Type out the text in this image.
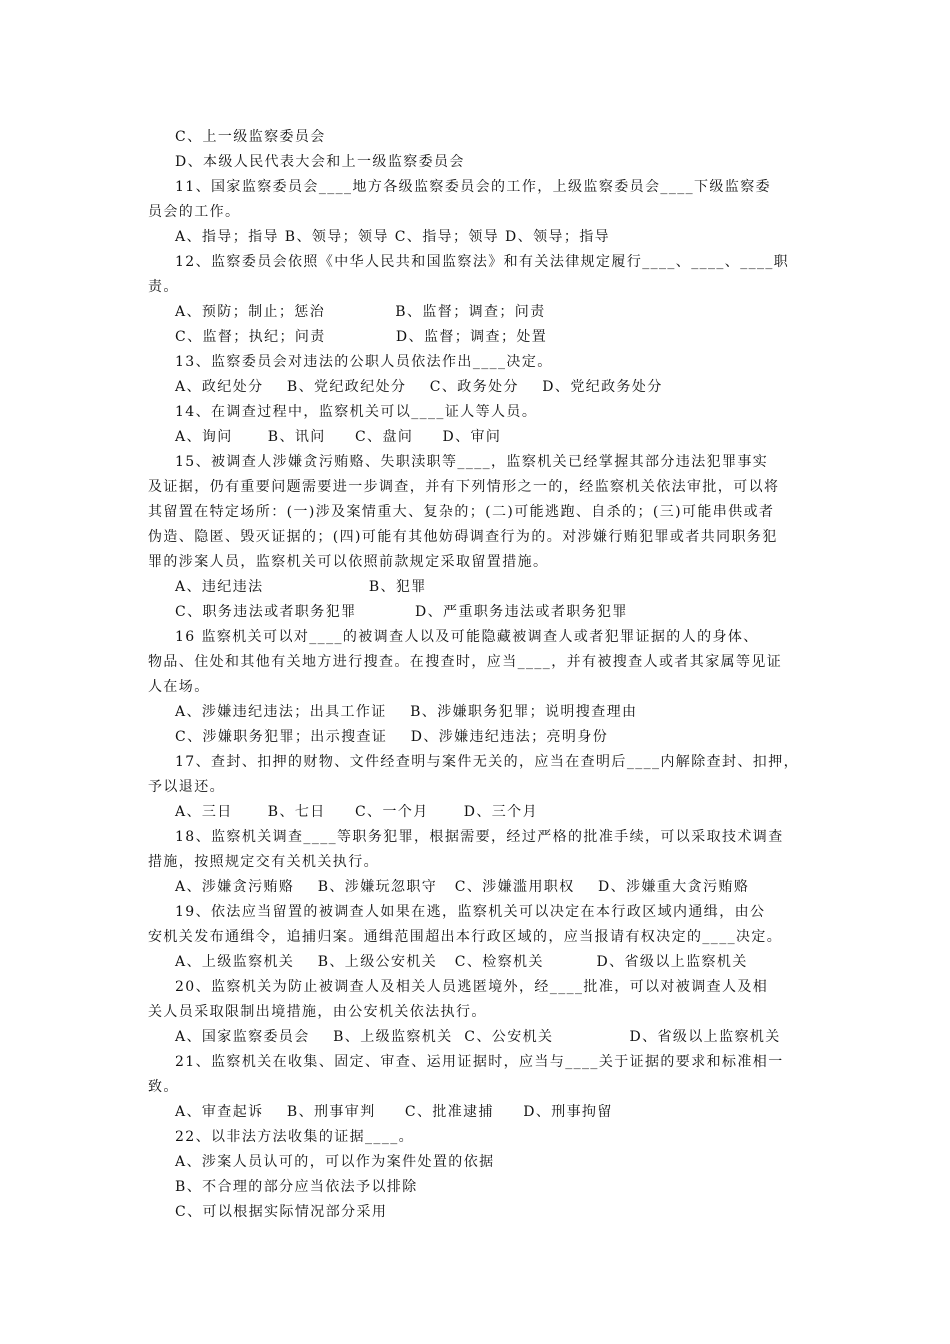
C、上一级监察委员会
D、本级人民代表大会和上一级监察委员会
11、国家监察委员会____地方各级监察委员会的工作，上级监察委员会____下级监察委
员会的工作。
A、指导；指导 B、领导；领导 C、指导；领导 D、领导；指导
12、监察委员会依照《中华人民共和国监察法》和有关法律规定履行____、____、____职
责。
A、预防；制止；惩治            B、监督；调查；问责
C、监督；执纪；问责            D、监督；调查；处置
13、监察委员会对违法的公职人员依法作出____决定。
A、政纪处分    B、党纪政纪处分    C、政务处分    D、党纪政务处分
14、在调查过程中，监察机关可以____证人等人员。
A、询问      B、讯问     C、盘问     D、审问
15、被调查人涉嫌贪污贿赂、失职渎职等____，监察机关已经掌握其部分违法犯罪事实
及证据，仍有重要问题需要进一步调查，并有下列情形之一的，经监察机关依法审批，可以将
其留置在特定场所：(一)涉及案情重大、复杂的；(二)可能逃跑、自杀的；(三)可能串供或者
伪造、隐匿、毁灭证据的；(四)可能有其他妨碍调查行为的。对涉嫌行贿犯罪或者共同职务犯
罪的涉案人员，监察机关可以依照前款规定采取留置措施。
A、违纪违法                  B、犯罪
C、职务违法或者职务犯罪          D、严重职务违法或者职务犯罪
16 监察机关可以对____的被调查人以及可能隐藏被调查人或者犯罪证据的人的身体、
物品、住处和其他有关地方进行搜查。在搜查时，应当____，并有被搜查人或者其家属等见证
人在场。
A、涉嫌违纪违法；出具工作证    B、涉嫌职务犯罪；说明搜查理由
C、涉嫌职务犯罪；出示搜查证    D、涉嫌违纪违法；亮明身份
17、查封、扣押的财物、文件经查明与案件无关的，应当在查明后____内解除查封、扣押，
予以退还。
A、三日      B、七日     C、一个月      D、三个月
18、监察机关调查____等职务犯罪，根据需要，经过严格的批准手续，可以采取技术调查
措施，按照规定交有关机关执行。
A、涉嫌贪污贿赂    B、涉嫌玩忽职守   C、涉嫌滥用职权    D、涉嫌重大贪污贿赂
19、依法应当留置的被调查人如果在逃，监察机关可以决定在本行政区域内通缉，由公
安机关发布通缉令，追捕归案。通缉范围超出本行政区域的，应当报请有权决定的____决定。
A、上级监察机关    B、上级公安机关   C、检察机关         D、省级以上监察机关
20、监察机关为防止被调查人及相关人员逃匿境外，经____批准，可以对被调查人及相
关人员采取限制出境措施，由公安机关依法执行。
A、国家监察委员会    B、上级监察机关  C、公安机关             D、省级以上监察机关
21、监察机关在收集、固定、审查、运用证据时，应当与____关于证据的要求和标准相一
致。
A、审查起诉    B、刑事审判     C、批准逮捕     D、刑事拘留
22、以非法方法收集的证据____。
A、涉案人员认可的，可以作为案件处置的依据
B、不合理的部分应当依法予以排除
C、可以根据实际情况部分采用
